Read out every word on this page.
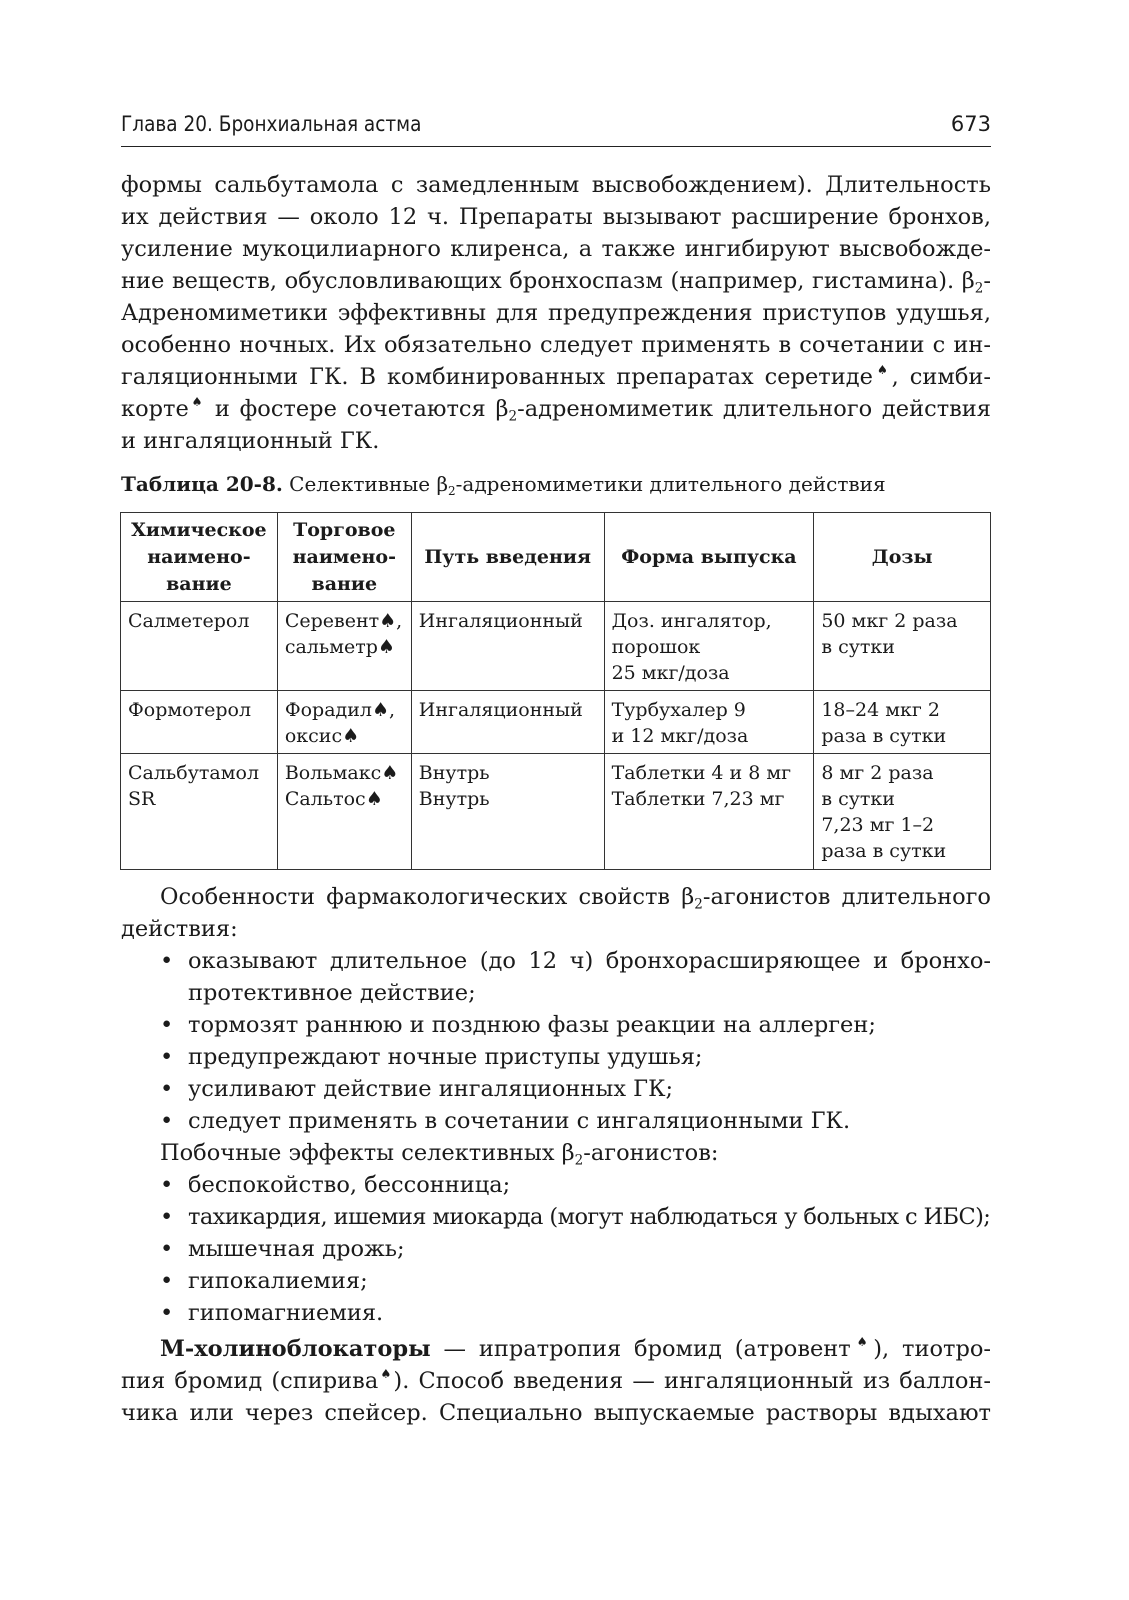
Глава 20. Бронхиальная астма	673
формы сальбутамола с замедленным высвобождением). Длительность
их действия — около 12 ч. Препараты вызывают расширение бронхов,
усиление мукоцилиарного клиренса, а также ингибируют высвобожде-
ние веществ, обусловливающих бронхоспазм (например, гистамина). $\beta_2-$
Адреномиметики эффективны для предупреждения приступов удушья,
особенно ночных. Их обязательно следует применять в сочетании с ин-
галяционными ГК. В комбинированных препаратах серетиде♠, симби-
корте♠ и фостере сочетаются $\beta_2$-адреномиметик длительного действия
и ингаляционный ГК.
Таблица 20-8. Селективные $\beta_2$-адреномиметики длительного действия
Химическое
наимено-
вание	Торговое
наимено-
вание	Путь введения	Форма выпуска	Дозы

Салметерол	Серевент♠,
сальметр♠	Ингаляционный	Доз. ингалятор,
порошок
25 мкг/доза	50 мкг 2 раза
в сутки

Формотерол	Форадил♠,
оксис♠	Ингаляционный	Турбухалер 9
и 12 мкг/доза	18–24 мкг 2
раза в сутки

Сальбутамол
SR	Вольмакс♠
Сальтос♠	Внутрь
Внутрь	Таблетки 4 и 8 мг
Таблетки 7,23 мг	8 мг 2 раза
в сутки
7,23 мг 1–2
раза в сутки
Особенности фармакологических свойств $\beta_2$-агонистов длительного
действия:
• оказывают длительное (до 12 ч) бронхорасширяющее и бронхо-
протективное действие;
• тормозят раннюю и позднюю фазы реакции на аллерген;
• предупреждают ночные приступы удушья;
• усиливают действие ингаляционных ГК;
• следует применять в сочетании с ингаляционными ГК.
Побочные эффекты селективных $\beta_2$-агонистов:
• беспокойство, бессонница;
• тахикардия, ишемия миокарда (могут наблюдаться у больных с ИБС);
• мышечная дрожь;
• гипокалиемия;
• гипомагниемия.
М-холиноблокаторы — ипратропия бромид (атровент♠), тиотро-
пия бромид (спирива♠). Способ введения — ингаляционный из баллон-
чика или через спейсер. Специально выпускаемые растворы вдыхают
